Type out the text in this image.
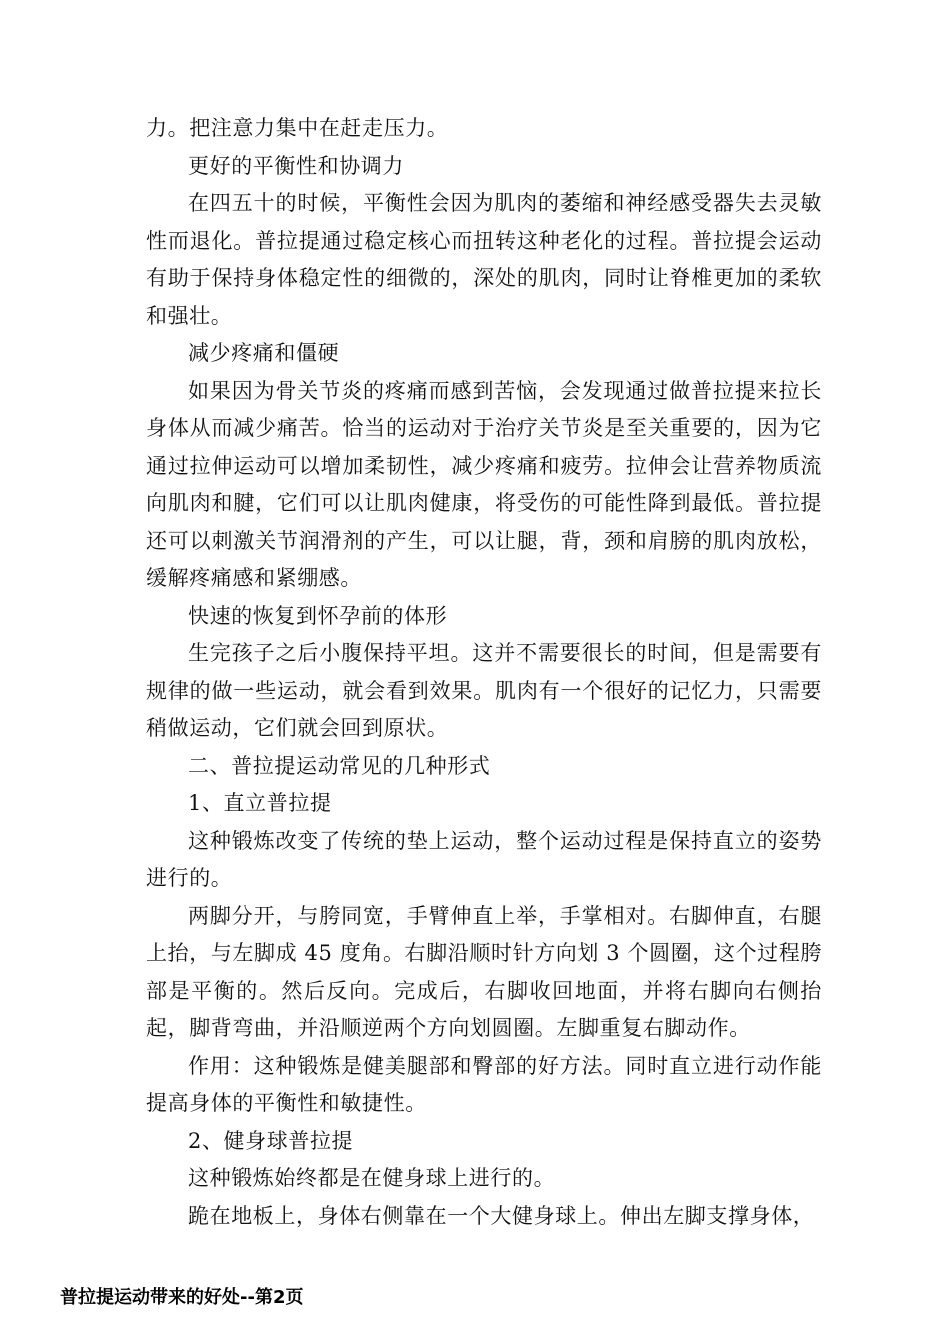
力。把注意力集中在赶走压力。

更好的平衡性和协调力

在四五十的时候，平衡性会因为肌肉的萎缩和神经感受器失去灵敏性而退化。普拉提通过稳定核心而扭转这种老化的过程。普拉提会运动有助于保持身体稳定性的细微的，深处的肌肉，同时让脊椎更加的柔软和强壮。

减少疼痛和僵硬

如果因为骨关节炎的疼痛而感到苦恼，会发现通过做普拉提来拉长身体从而减少痛苦。恰当的运动对于治疗关节炎是至关重要的，因为它通过拉伸运动可以增加柔韧性，减少疼痛和疲劳。拉伸会让营养物质流向肌肉和腱，它们可以让肌肉健康，将受伤的可能性降到最低。普拉提还可以刺激关节润滑剂的产生，可以让腿，背，颈和肩膀的肌肉放松，缓解疼痛感和紧绷感。

快速的恢复到怀孕前的体形

生完孩子之后小腹保持平坦。这并不需要很长的时间，但是需要有规律的做一些运动，就会看到效果。肌肉有一个很好的记忆力，只需要稍做运动，它们就会回到原状。

二、普拉提运动常见的几种形式

1、直立普拉提

这种锻炼改变了传统的垫上运动，整个运动过程是保持直立的姿势进行的。

两脚分开，与胯同宽，手臂伸直上举，手掌相对。右脚伸直，右腿上抬，与左脚成 45 度角。右脚沿顺时针方向划 3 个圆圈，这个过程胯部是平衡的。然后反向。完成后，右脚收回地面，并将右脚向右侧抬起，脚背弯曲，并沿顺逆两个方向划圆圈。左脚重复右脚动作。

作用：这种锻炼是健美腿部和臀部的好方法。同时直立进行动作能提高身体的平衡性和敏捷性。

2、健身球普拉提

这种锻炼始终都是在健身球上进行的。

跪在地板上，身体右侧靠在一个大健身球上。伸出左脚支撑身体，

普拉提运动带来的好处--第2页
